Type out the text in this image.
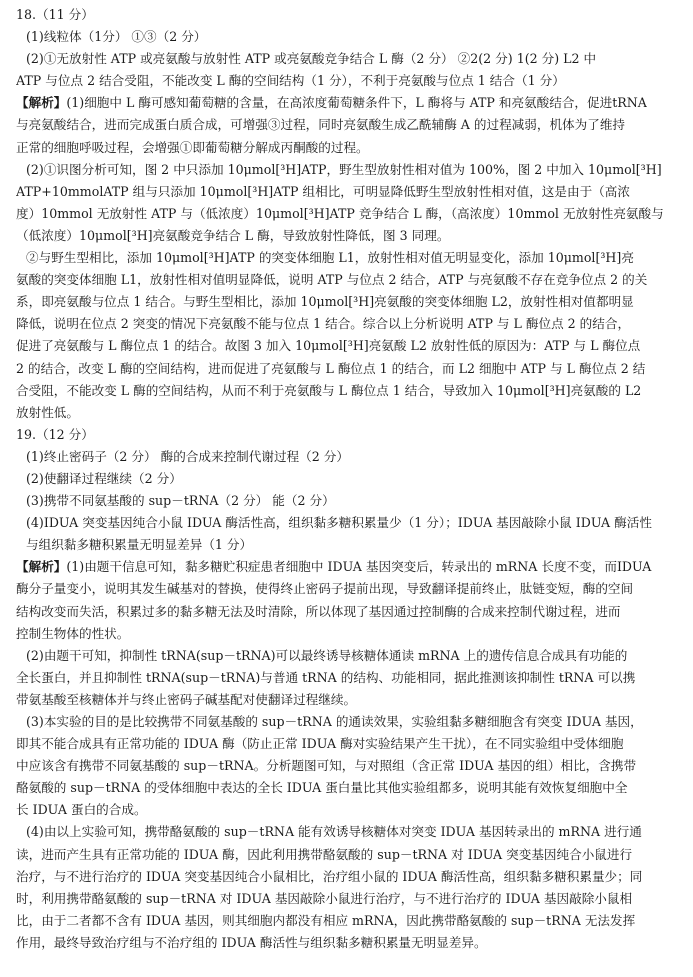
18.（11 分）
(1)线粒体（1分） ①③（2 分）
(2)①无放射性 ATP 或亮氨酸与放射性 ATP 或亮氨酸竞争结合 L 酶（2 分） ②2(2 分) 1(2 分) L2 中
ATP 与位点 2 结合受阻，不能改变 L 酶的空间结构（1 分），不利于亮氨酸与位点 1 结合（1 分）
【解析】(1)细胞中 L 酶可感知葡萄糖的含量，在高浓度葡萄糖条件下，L 酶将与 ATP 和亮氨酸结合，促进tRNA
与亮氨酸结合，进而完成蛋白质合成，可增强③过程，同时亮氨酸生成乙酰辅酶 A 的过程减弱，机体为了维持
正常的细胞呼吸过程，会增强①即葡萄糖分解成丙酮酸的过程。
(2)①识图分析可知，图 2 中只添加 10μmol[³H]ATP，野生型放射性相对值为 100%，图 2 中加入 10μmol[³H]
ATP+10mmolATP 组与只添加 10μmol[³H]ATP 组相比，可明显降低野生型放射性相对值，这是由于（高浓
度）10mmol 无放射性 ATP 与（低浓度）10μmol[³H]ATP 竞争结合 L 酶，（高浓度）10mmol 无放射性亮氨酸与
（低浓度）10μmol[³H]亮氨酸竞争结合 L 酶，导致放射性降低，图 3 同理。
②与野生型相比，添加 10μmol[³H]ATP 的突变体细胞 L1，放射性相对值无明显变化，添加 10μmol[³H]亮
氨酸的突变体细胞 L1，放射性相对值明显降低，说明 ATP 与位点 2 结合，ATP 与亮氨酸不存在竞争位点 2 的关
系，即亮氨酸与位点 1 结合。与野生型相比，添加 10μmol[³H]亮氨酸的突变体细胞 L2，放射性相对值都明显
降低，说明在位点 2 突变的情况下亮氨酸不能与位点 1 结合。综合以上分析说明 ATP 与 L 酶位点 2 的结合，
促进了亮氨酸与 L 酶位点 1 的结合。故图 3 加入 10μmol[³H]亮氨酸 L2 放射性低的原因为：ATP 与 L 酶位点
2 的结合，改变 L 酶的空间结构，进而促进了亮氨酸与 L 酶位点 1 的结合，而 L2 细胞中 ATP 与 L 酶位点 2 结
合受阻，不能改变 L 酶的空间结构，从而不利于亮氨酸与 L 酶位点 1 结合，导致加入 10μmol[³H]亮氨酸的 L2
放射性低。
19.（12 分）
(1)终止密码子（2 分） 酶的合成来控制代谢过程（2 分）
(2)使翻译过程继续（2 分）
(3)携带不同氨基酸的 sup－tRNA（2 分） 能（2 分）
(4)IDUA 突变基因纯合小鼠 IDUA 酶活性高，组织黏多糖积累量少（1 分）；IDUA 基因敲除小鼠 IDUA 酶活性
与组织黏多糖积累量无明显差异（1 分）
【解析】(1)由题干信息可知，黏多糖贮积症患者细胞中 IDUA 基因突变后，转录出的 mRNA 长度不变，而IDUA
酶分子量变小，说明其发生碱基对的替换，使得终止密码子提前出现，导致翻译提前终止，肽链变短，酶的空间
结构改变而失活，积累过多的黏多糖无法及时清除，所以体现了基因通过控制酶的合成来控制代谢过程，进而
控制生物体的性状。
(2)由题干可知，抑制性 tRNA(sup－tRNA)可以最终诱导核糖体通读 mRNA 上的遗传信息合成具有功能的
全长蛋白，并且抑制性 tRNA(sup－tRNA)与普通 tRNA 的结构、功能相同，据此推测该抑制性 tRNA 可以携
带氨基酸至核糖体并与终止密码子碱基配对使翻译过程继续。
(3)本实验的目的是比较携带不同氨基酸的 sup－tRNA 的通读效果，实验组黏多糖细胞含有突变 IDUA 基因，
即其不能合成具有正常功能的 IDUA 酶（防止正常 IDUA 酶对实验结果产生干扰），在不同实验组中受体细胞
中应该含有携带不同氨基酸的 sup－tRNA。分析题图可知，与对照组（含正常 IDUA 基因的组）相比，含携带
酪氨酸的 sup－tRNA 的受体细胞中表达的全长 IDUA 蛋白量比其他实验组都多，说明其能有效恢复细胞中全
长 IDUA 蛋白的合成。
(4)由以上实验可知，携带酪氨酸的 sup－tRNA 能有效诱导核糖体对突变 IDUA 基因转录出的 mRNA 进行通
读，进而产生具有正常功能的 IDUA 酶，因此利用携带酪氨酸的 sup－tRNA 对 IDUA 突变基因纯合小鼠进行
治疗，与不进行治疗的 IDUA 突变基因纯合小鼠相比，治疗组小鼠的 IDUA 酶活性高，组织黏多糖积累量少；同
时，利用携带酪氨酸的 sup－tRNA 对 IDUA 基因敲除小鼠进行治疗，与不进行治疗的 IDUA 基因敲除小鼠相
比，由于二者都不含有 IDUA 基因，则其细胞内都没有相应 mRNA，因此携带酪氨酸的 sup－tRNA 无法发挥
作用，最终导致治疗组与不治疗组的 IDUA 酶活性与组织黏多糖积累量无明显差异。
